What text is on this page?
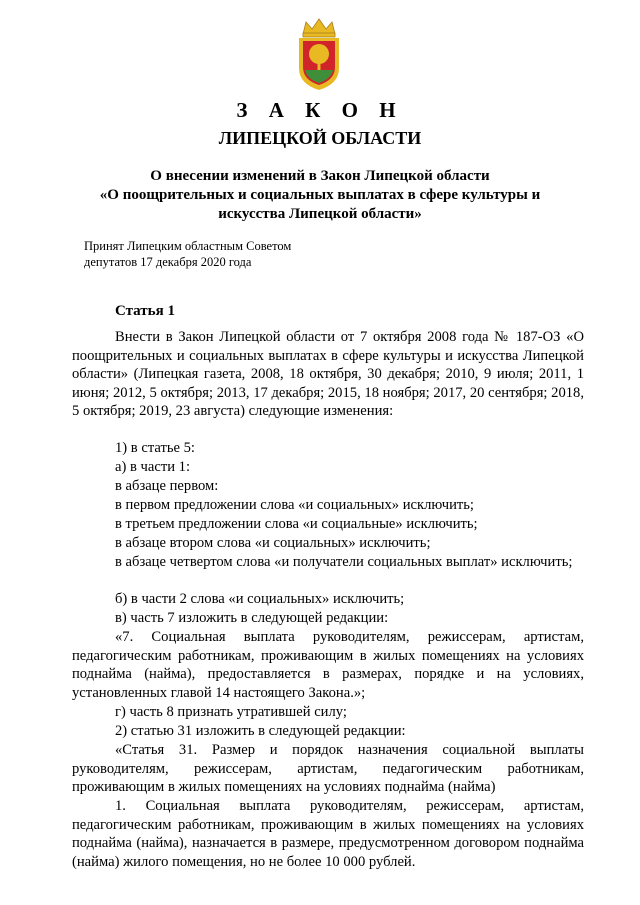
З А К О Н
ЛИПЕЦКОЙ ОБЛАСТИ
О внесении изменений в Закон Липецкой области
«О поощрительных и социальных выплатах в сфере культуры и
искусства Липецкой области»
Принят Липецким областным Советом
депутатов 17 декабря 2020 года
Статья 1
Внести в Закон Липецкой области от 7 октября 2008 года № 187-ОЗ «О поощрительных и социальных выплатах в сфере культуры и искусства Липецкой области» (Липецкая газета, 2008, 18 октября, 30 декабря; 2010, 9 июля; 2011, 1 июня; 2012, 5 октября; 2013, 17 декабря; 2015, 18 ноября; 2017, 20 сентября; 2018, 5 октября; 2019, 23 августа) следующие изменения:
1) в статье 5:
а) в части 1:
в абзаце первом:
в первом предложении слова «и социальных» исключить;
в третьем предложении слова «и социальные» исключить;
в абзаце втором слова «и социальных» исключить;
в абзаце четвертом слова «и получатели социальных выплат» исключить;
б) в части 2 слова «и социальных» исключить;
в) часть 7 изложить в следующей редакции:
«7. Социальная выплата руководителям, режиссерам, артистам, педагогическим работникам, проживающим в жилых помещениях на условиях поднайма (найма), предоставляется в размерах, порядке и на условиях, установленных главой 14 настоящего Закона.»;
г) часть 8 признать утратившей силу;
2) статью 31 изложить в следующей редакции:
«Статья 31. Размер и порядок назначения социальной выплаты руководителям, режиссерам, артистам, педагогическим работникам, проживающим в жилых помещениях на условиях поднайма (найма)
1. Социальная выплата руководителям, режиссерам, артистам, педагогическим работникам, проживающим в жилых помещениях на условиях поднайма (найма), назначается в размере, предусмотренном договором поднайма (найма) жилого помещения, но не более 10 000 рублей.
